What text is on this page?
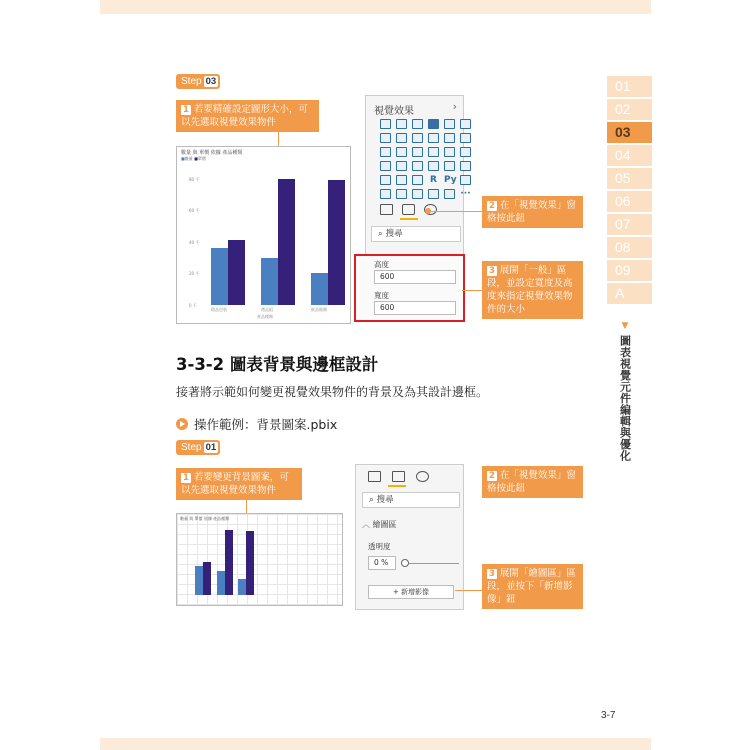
01
02
03
04
05
06
07
08
09
A
▼
圖表視覺元件編輯與優化
Step 03
1 若要精確設定圖形大小，可以先選取視覺效果物件
數量 與 單價 依據 產品種類
■數量 ■單價
精品包裝	禮盒組	飲品飯類
0 千
20 千
40 千
60 千
80 千
產品種類
視覺效果	›
R Py
···
⌕ 搜尋
高度
600
寬度
600
2 在「視覺效果」窗格按此鈕
3 展開「一般」區段，並設定寬度及高度來指定視覺效果物件的大小
3-3-2 圖表背景與邊框設計
接著將示範如何變更視覺效果物件的背景及為其設計邊框。
操作範例：背景圖案.pbix
Step 01
1 若要變更背景圖案，可以先選取視覺效果物件
數量 與 單價 依據 產品種類
⌕ 搜尋
︿ 繪圖區
透明度
0 %
+ 新增影像
2 在「視覺效果」窗格按此鈕
3 展開「繪圖區」區段，並按下「新增影像」鈕
3-7
